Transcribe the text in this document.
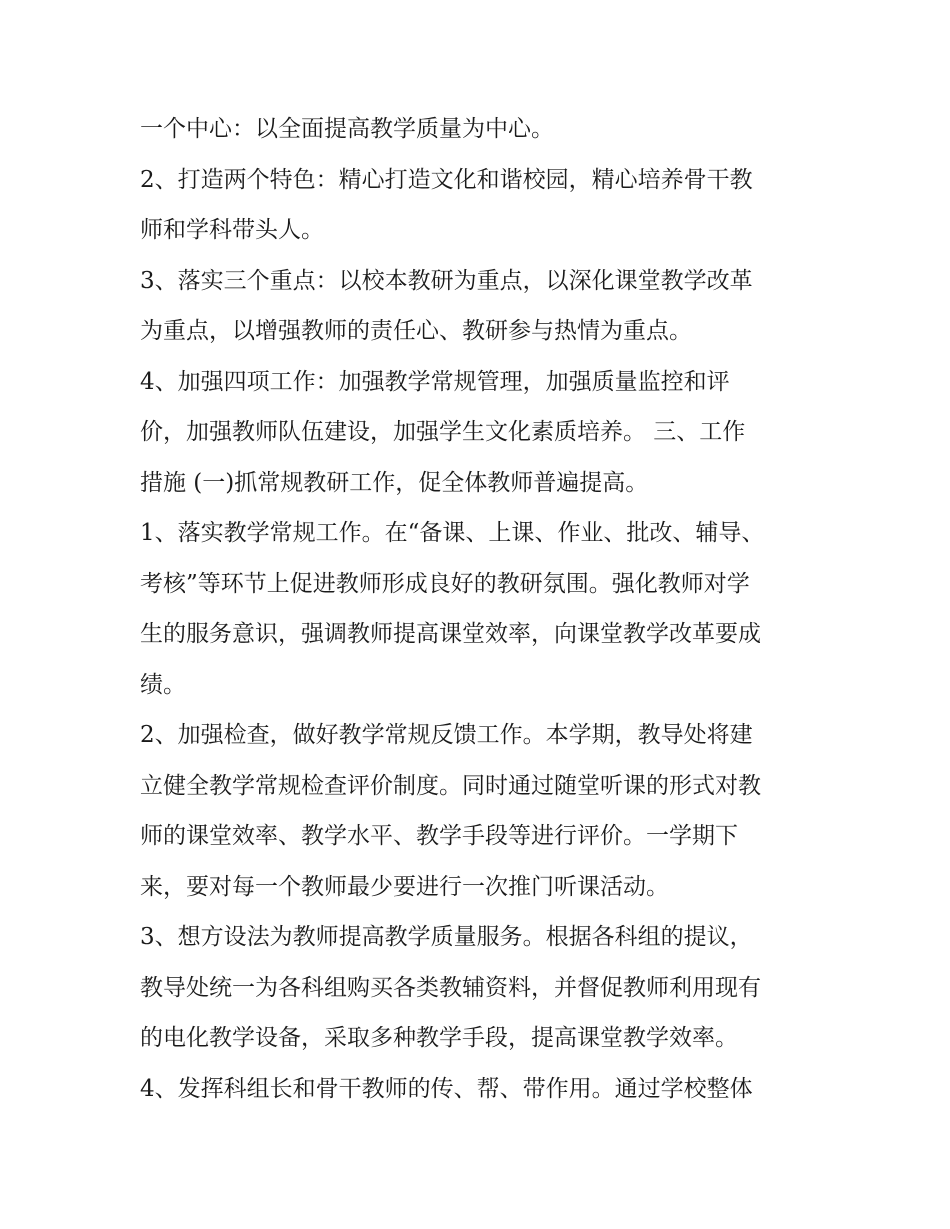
一个中心：以全面提高教学质量为中心。
2、打造两个特色：精心打造文化和谐校园，精心培养骨干教
师和学科带头人。
3、落实三个重点：以校本教研为重点，以深化课堂教学改革
为重点，以增强教师的责任心、教研参与热情为重点。
4、加强四项工作：加强教学常规管理，加强质量监控和评
价，加强教师队伍建设，加强学生文化素质培养。 三、工作
措施 (一)抓常规教研工作，促全体教师普遍提高。
1、落实教学常规工作。在“备课、上课、作业、批改、辅导、
考核”等环节上促进教师形成良好的教研氛围。强化教师对学
生的服务意识，强调教师提高课堂效率，向课堂教学改革要成
绩。
2、加强检查，做好教学常规反馈工作。本学期，教导处将建
立健全教学常规检查评价制度。同时通过随堂听课的形式对教
师的课堂效率、教学水平、教学手段等进行评价。一学期下
来，要对每一个教师最少要进行一次推门听课活动。
3、想方设法为教师提高教学质量服务。根据各科组的提议，
教导处统一为各科组购买各类教辅资料，并督促教师利用现有
的电化教学设备，采取多种教学手段，提高课堂教学效率。
4、发挥科组长和骨干教师的传、帮、带作用。通过学校整体
